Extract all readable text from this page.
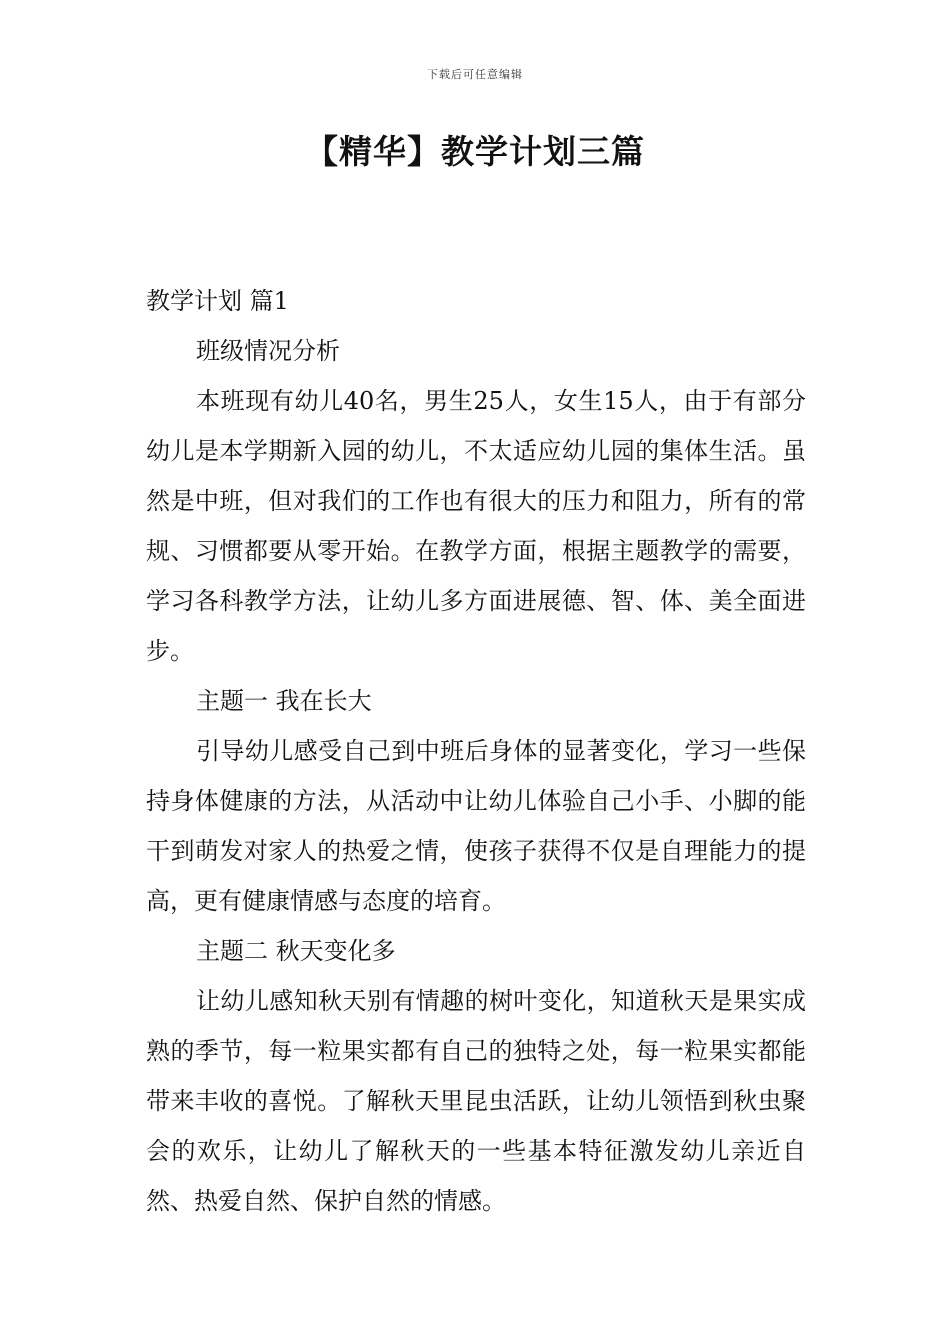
下载后可任意编辑
【精华】教学计划三篇

教学计划 篇1

班级情况分析

本班现有幼儿40名，男生25人，女生15人，由于有部分幼儿是本学期新入园的幼儿，不太适应幼儿园的集体生活。虽然是中班，但对我们的工作也有很大的压力和阻力，所有的常规、习惯都要从零开始。在教学方面，根据主题教学的需要，学习各科教学方法，让幼儿多方面进展德、智、体、美全面进步。

主题一 我在长大

引导幼儿感受自己到中班后身体的显著变化，学习一些保持身体健康的方法，从活动中让幼儿体验自己小手、小脚的能干到萌发对家人的热爱之情，使孩子获得不仅是自理能力的提高，更有健康情感与态度的培育。

主题二 秋天变化多

让幼儿感知秋天别有情趣的树叶变化，知道秋天是果实成熟的季节，每一粒果实都有自己的独特之处，每一粒果实都能带来丰收的喜悦。了解秋天里昆虫活跃，让幼儿领悟到秋虫聚会的欢乐，让幼儿了解秋天的一些基本特征激发幼儿亲近自然、热爱自然、保护自然的情感。
